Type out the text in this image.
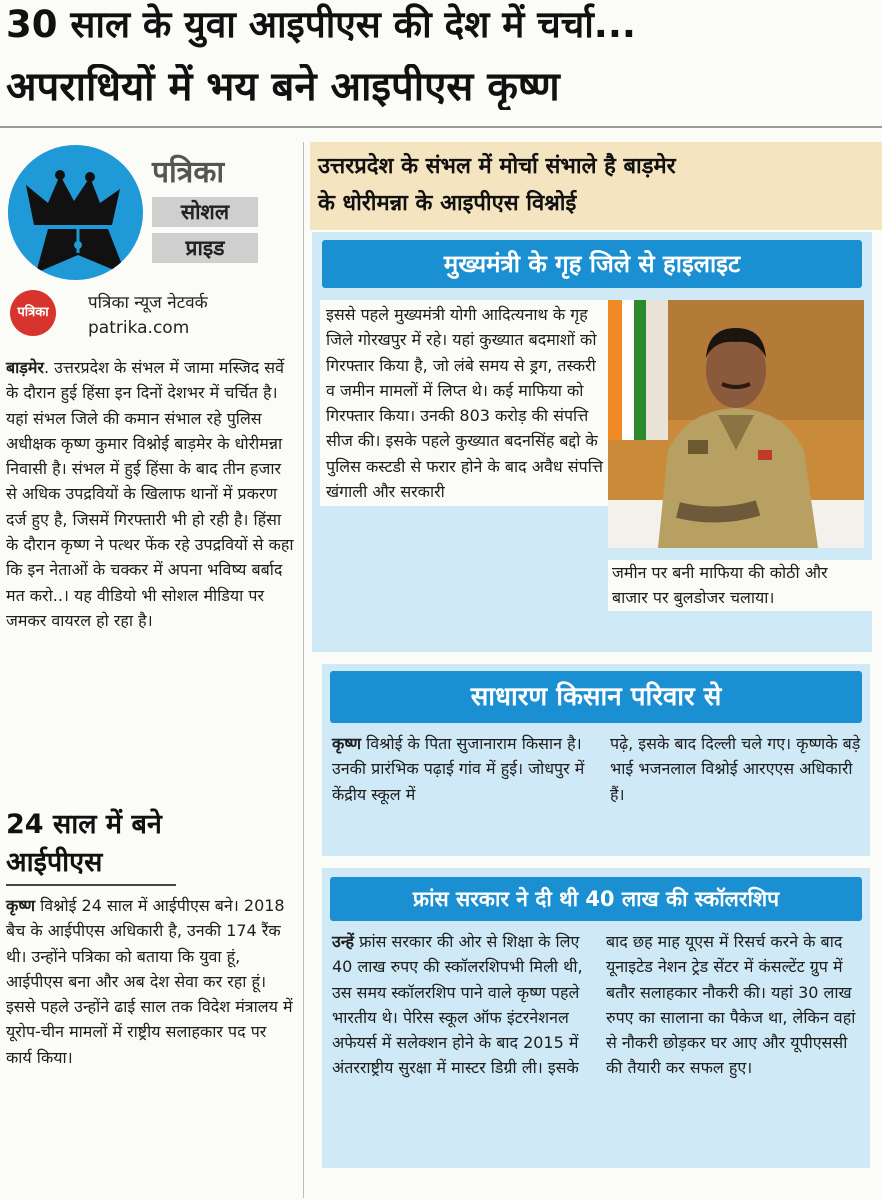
30 साल के युवा आइपीएस की देश में चर्चा...
अपराधियों में भय बने आइपीएस कृष्ण
पत्रिका
सोशल
प्राइड
पत्रिका	पत्रिका न्यूज नेटवर्क
patrika.com
बाड़मेर. उत्तरप्रदेश के संभल में जामा मस्जिद सर्वे के दौरान हुई हिंसा इन दिनों देशभर में चर्चित है। यहां संभल जिले की कमान संभाल रहे पुलिस अधीक्षक कृष्ण कुमार विश्नोई बाड़मेर के धोरीमन्ना निवासी है। संभल में हुई हिंसा के बाद तीन हजार से अधिक उपद्रवियों के खिलाफ थानों में प्रकरण दर्ज हुए है, जिसमें गिरफ्तारी भी हो रही है। हिंसा के दौरान कृष्ण ने पत्थर फेंक रहे उपद्रवियों से कहा कि इन नेताओं के चक्कर में अपना भविष्य बर्बाद मत करो..। यह वीडियो भी सोशल मीडिया पर जमकर वायरल हो रहा है।
24 साल में बने
आईपीएस
कृष्ण विश्नोई 24 साल में आईपीएस बने। 2018 बैच के आईपीएस अधिकारी है, उनकी 174 रैंक थी। उन्होंने पत्रिका को बताया कि युवा हूं, आईपीएस बना और अब देश सेवा कर रहा हूं। इससे पहले उन्होंने ढाई साल तक विदेश मंत्रालय में यूरोप-चीन मामलों में राष्ट्रीय सलाहकार पद पर कार्य किया।
उत्तरप्रदेश के संभल में मोर्चा संभाले है बाड़मेर
के धोरीमन्ना के आइपीएस विश्नोई
मुख्यमंत्री के गृह जिले से हाइलाइट
इससे पहले मुख्यमंत्री योगी आदित्यनाथ के गृह जिले गोरखपुर में रहे। यहां कुख्यात बदमाशों को गिरफ्तार किया है, जो लंबे समय से ड्रग, तस्करी व जमीन मामलों में लिप्त थे। कई माफिया को गिरफ्तार किया। उनकी 803 करोड़ की संपत्ति सीज की। इसके पहले कुख्यात बदनसिंह बद्दो के पुलिस कस्टडी से फरार होने के बाद अवैध संपत्ति खंगाली और सरकारी
जमीन पर बनी माफिया की कोठी और बाजार पर बुलडोजर चलाया।
साधारण किसान परिवार से
कृष्ण विश्रोई के पिता सुजानाराम किसान है। उनकी प्रारंभिक पढ़ाई गांव में हुई। जोधपुर में केंद्रीय स्कूल में
पढ़े, इसके बाद दिल्ली चले गए। कृष्णके बड़े भाई भजनलाल विश्नोई आरएएस अधिकारी हैं।
फ्रांस सरकार ने दी थी 40 लाख की स्कॉलरशिप
उन्हें फ्रांस सरकार की ओर से शिक्षा के लिए 40 लाख रुपए की स्कॉलरशिपभी मिली थी, उस समय स्कॉलरशिप पाने वाले कृष्ण पहले भारतीय थे। पेरिस स्कूल ऑफ इंटरनेशनल अफेयर्स में सलेक्शन होने के बाद 2015 में अंतरराष्ट्रीय सुरक्षा में मास्टर डिग्री ली। इसके
बाद छह माह यूएस में रिसर्च करने के बाद यूनाइटेड नेशन ट्रेड सेंटर में कंसल्टेंट ग्रुप में बतौर सलाहकार नौकरी की। यहां 30 लाख रुपए का सालाना का पैकेज था, लेकिन वहां से नौकरी छोड़कर घर आए और यूपीएससी की तैयारी कर सफल हुए।
